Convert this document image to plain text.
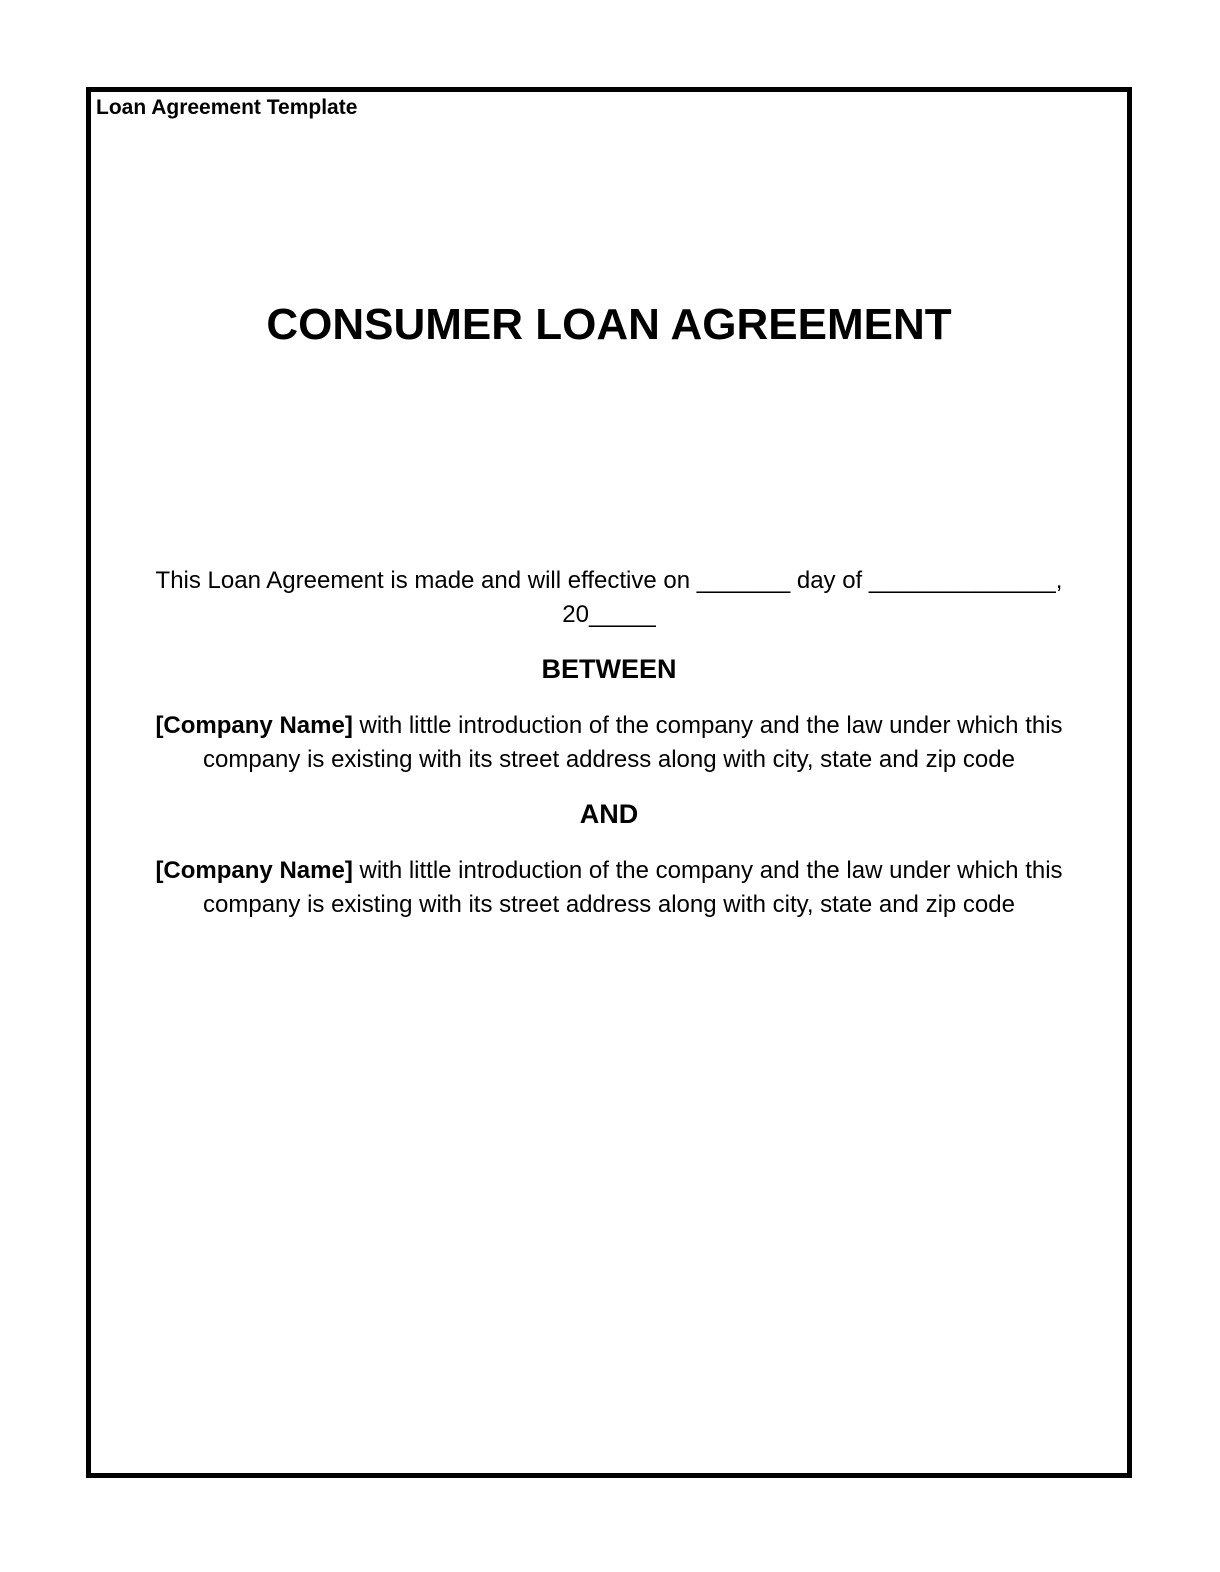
Loan Agreement Template
CONSUMER LOAN AGREEMENT
This Loan Agreement is made and will effective on _______ day of ______________,
20_____
BETWEEN
[Company Name] with little introduction of the company and the law under which this
company is existing with its street address along with city, state and zip code
AND
[Company Name] with little introduction of the company and the law under which this
company is existing with its street address along with city, state and zip code
